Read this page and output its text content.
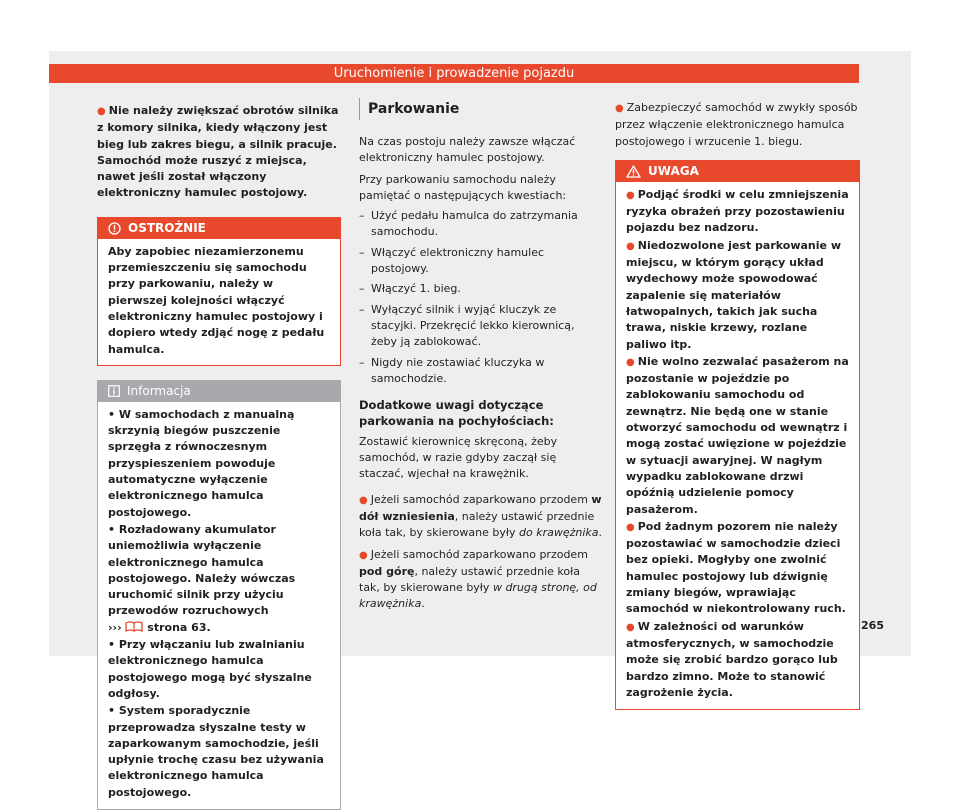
Uruchomienie i prowadzenie pojazdu

● Nie należy zwiększać obrotów silnika z komory silnika, kiedy włączony jest bieg lub zakres biegu, a silnik pracuje. Samochód może ruszyć z miejsca, nawet jeśli został włączony elektroniczny hamulec postojowy.

OSTROŻNIE
Aby zapobiec niezamierzonemu przemieszczeniu się samochodu przy parkowaniu, należy w pierwszej kolejności włączyć elektroniczny hamulec postojowy i dopiero wtedy zdjąć nogę z pedału hamulca.
Informacja

• W samochodach z manualną skrzynią biegów puszczenie sprzęgła z równoczesnym przyspieszeniem powoduje automatyczne wyłączenie elektronicznego hamulca postojowego.

• Rozładowany akumulator uniemożliwia wyłączenie elektronicznego hamulca postojowego. Należy wówczas uruchomić silnik przy użyciu przewodów rozruchowych
››› strona 63.

• Przy włączaniu lub zwalnianiu elektronicznego hamulca postojowego mogą być słyszalne odgłosy.

• System sporadycznie przeprowadza słyszalne testy w zaparkowanym samochodzie, jeśli upłynie trochę czasu bez używania elektronicznego hamulca postojowego.

Parkowanie

Na czas postoju należy zawsze włączać elektroniczny hamulec postojowy.

Przy parkowaniu samochodu należy pamiętać o następujących kwestiach:

– Użyć pedału hamulca do zatrzymania samochodu.

– Włączyć elektroniczny hamulec postojowy.

– Włączyć 1. bieg.

– Wyłączyć silnik i wyjąć kluczyk ze stacyjki. Przekręcić lekko kierownicą, żeby ją zablokować.

– Nigdy nie zostawiać kluczyka w samochodzie.

Dodatkowe uwagi dotyczące parkowania na pochyłościach:

Zostawić kierownicę skręconą, żeby samochód, w razie gdyby zaczął się staczać, wjechał na krawężnik.

● Jeżeli samochód zaparkowano przodem w dół wzniesienia, należy ustawić przednie koła tak, by skierowane były do krawężnika.

● Jeżeli samochód zaparkowano przodem pod górę, należy ustawić przednie koła tak, by skierowane były w drugą stronę, od krawężnika.

● Zabezpieczyć samochód w zwykły sposób przez włączenie elektronicznego hamulca postojowego i wrzucenie 1. biegu.

UWAGA

● Podjąć środki w celu zmniejszenia ryzyka obrażeń przy pozostawieniu pojazdu bez nadzoru.

● Niedozwolone jest parkowanie w miejscu, w którym gorący układ wydechowy może spowodować zapalenie się materiałów łatwopalnych, takich jak sucha trawa, niskie krzewy, rozlane paliwo itp.

● Nie wolno zezwalać pasażerom na pozostanie w pojeździe po zablokowaniu samochodu od zewnątrz. Nie będą one w stanie otworzyć samochodu od wewnątrz i mogą zostać uwięzione w pojeździe w sytuacji awaryjnej. W nagłym wypadku zablokowane drzwi opóźnią udzielenie pomocy pasażerom.

● Pod żadnym pozorem nie należy pozostawiać w samochodzie dzieci bez opieki. Mogłyby one zwolnić hamulec postojowy lub dźwignię zmiany biegów, wprawiając samochód w niekontrolowany ruch.

● W zależności od warunków atmosferycznych, w samochodzie może się zrobić bardzo gorąco lub bardzo zimno. Może to stanowić zagrożenie życia.

265
